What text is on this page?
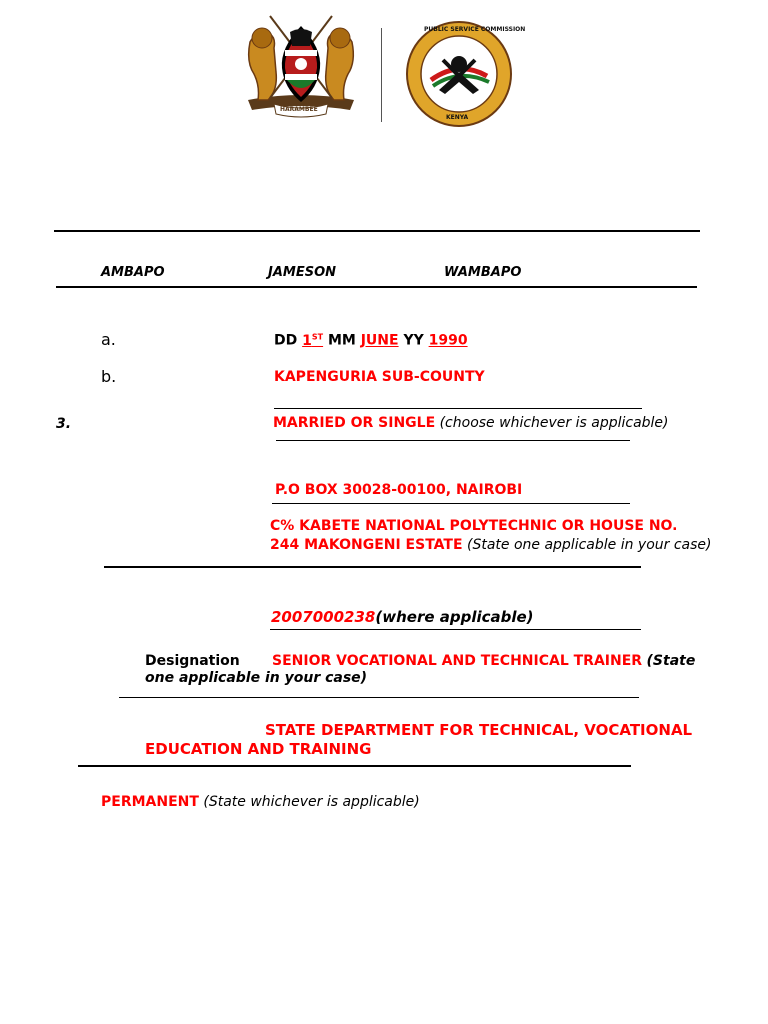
HARAMBEE
PUBLIC SERVICE COMMISSION
KENYA
AMBAPO	JAMESON	WAMBAPO
a.	DD 1ST MM JUNE YY 1990
b.	KAPENGURIA SUB-COUNTY
3.	MARRIED OR SINGLE (choose whichever is applicable)
P.O BOX 30028-00100, NAIROBI
C% KABETE NATIONAL POLYTECHNIC OR HOUSE NO.
244 MAKONGENI ESTATE (State one applicable in your case)
2007000238(where applicable)
Designation SENIOR VOCATIONAL AND TECHNICAL TRAINER (State
one applicable in your case)
STATE DEPARTMENT FOR TECHNICAL, VOCATIONAL
EDUCATION AND TRAINING
PERMANENT (State whichever is applicable)
